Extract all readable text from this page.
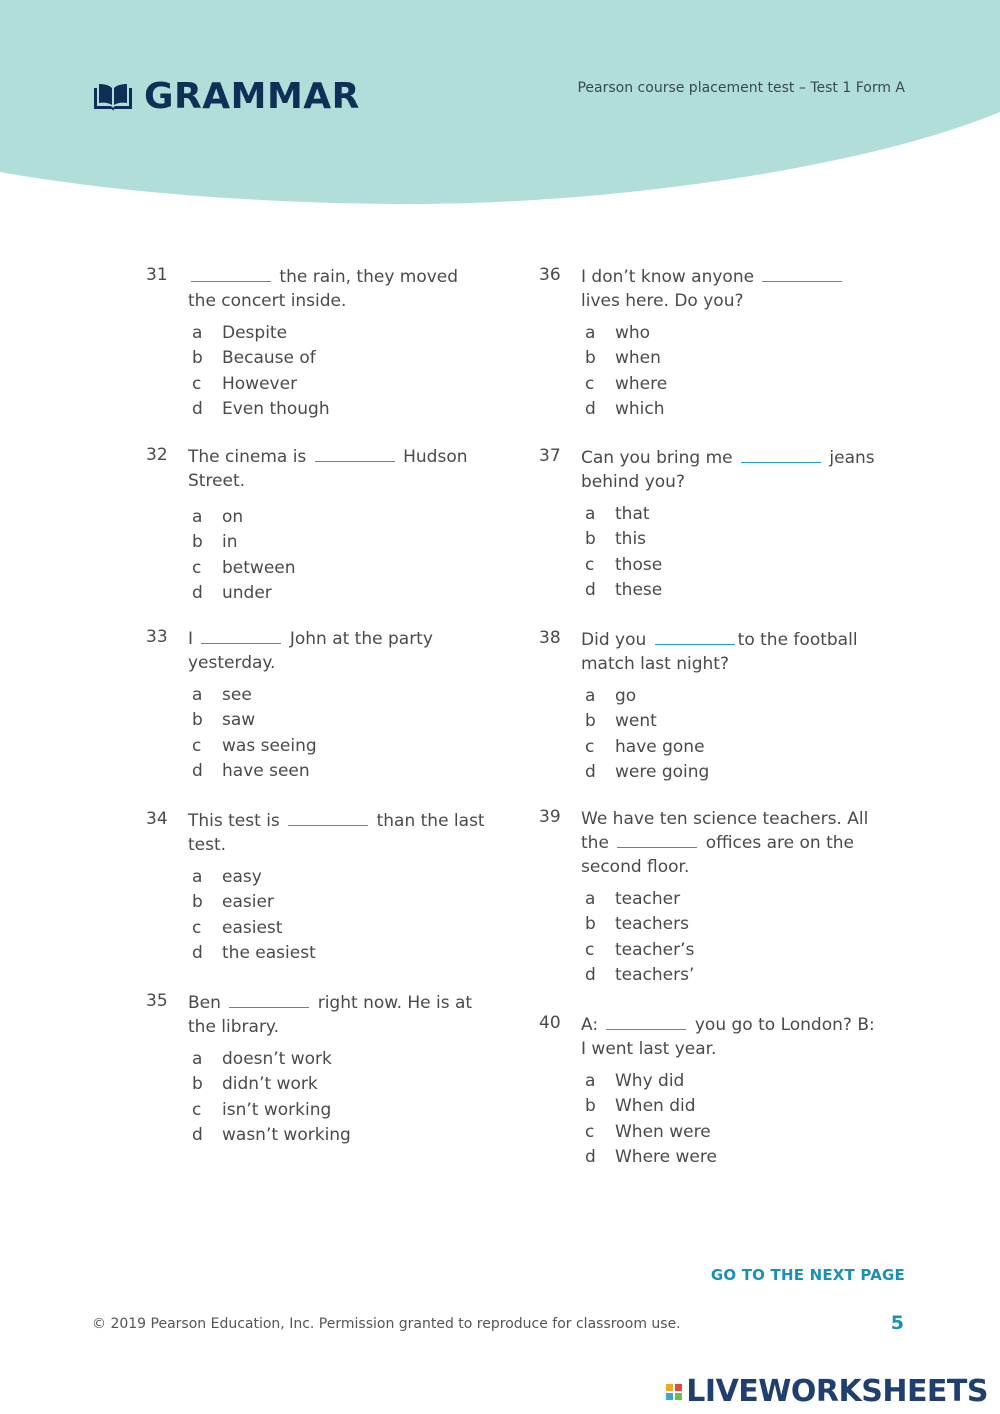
GRAMMAR	Pearson course placement test – Test 1 Form A
31	the rain, they moved the concert inside.
a	Despite
b	Because of
c	However
d	Even though
32 The cinema is	Hudson Street.
a	on
b	in
c	between
d	under
33 I	John at the party yesterday.
a	see
b	saw
c	was seeing
d	have seen
34 This test is	than the last test.
a	easy
b	easier
c	easiest
d	the easiest
35 Ben	right now. He is at the library.
a	doesn’t work
b	didn’t work
c	isn’t working
d	wasn’t working
36 I don’t know anyone  lives here. Do you?
a	who
b	when
c	where
d	which
37 Can you bring me	jeans behind you?
a	that
b	this
c	those
d	these
38 Did you	to the football match last night?
a	go
b	went
c	have gone
d	were going
39 We have ten science teachers. All the	offices are on the second floor.
a	teacher
b	teachers
c	teacher’s
d	teachers’
40 A:	you go to London? B: I went last year.
a	Why did
b	When did
c	When were
d	Where were
GO TO THE NEXT PAGE
© 2019 Pearson Education, Inc. Permission granted to reproduce for classroom use.	5
LIVEWORKSHEETS
